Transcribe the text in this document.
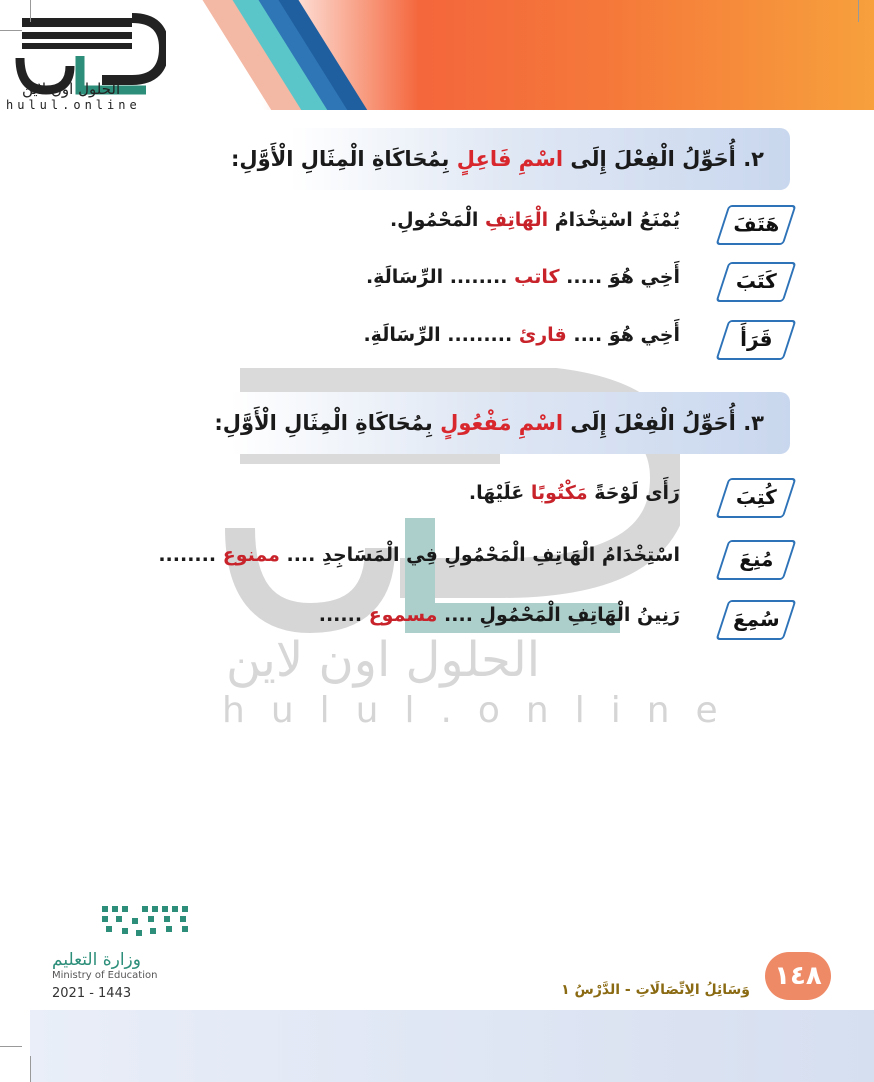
الحلول اون لاين
hulul.online
الحلول اون لاين
hulul.online
٢. أُحَوِّلُ الْفِعْلَ إِلَى اسْمِ فَاعِلٍ بِمُحَاكَاةِ الْمِثَالِ الْأَوَّلِ:
هَتَفَ
يُمْنَعُ اسْتِخْدَامُ الْهَاتِفِ الْمَحْمُولِ.
كَتَبَ
أَخِي هُوَ ..... كاتب ........ الرِّسَالَةِ.
قَرَأَ
أَخِي هُوَ .... قارئ ......... الرِّسَالَةِ.
٣. أُحَوِّلُ الْفِعْلَ إِلَى اسْمِ مَفْعُولٍ بِمُحَاكَاةِ الْمِثَالِ الْأَوَّلِ:
كُتِبَ
رَأَى لَوْحَةً مَكْتُوبًا عَلَيْهَا.
مُنِعَ
اسْتِخْدَامُ الْهَاتِفِ الْمَحْمُولِ فِي الْمَسَاجِدِ .... ممنوع ........
سُمِعَ
رَنِينُ الْهَاتِفِ الْمَحْمُولِ .... مسموع ......
وزارة التعليم
Ministry of Education
2021 - 1443	وَسَائِلُ الِاتِّصَالَاتِ - الدَّرْسُ ١ ١٤٨
